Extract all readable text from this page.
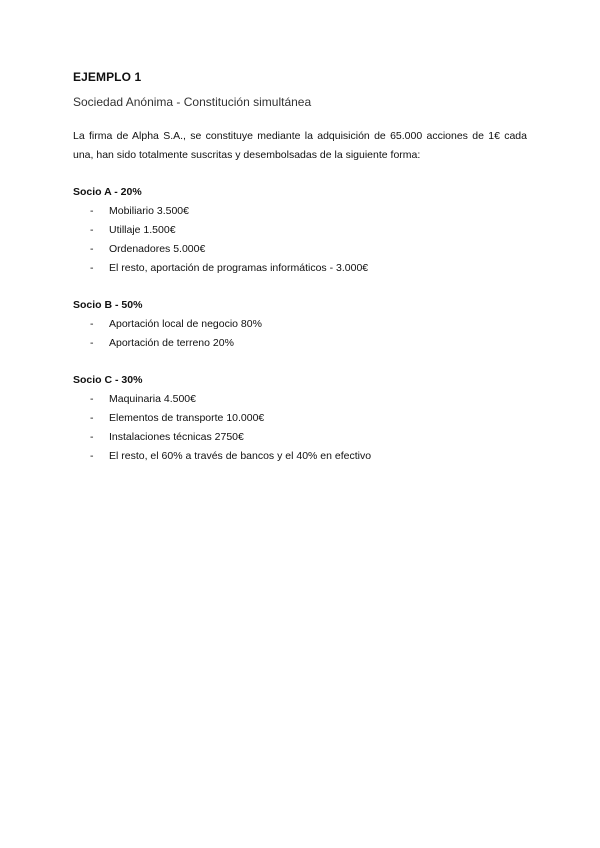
EJEMPLO 1

Sociedad Anónima - Constitución simultánea

La firma de Alpha S.A., se constituye mediante la adquisición de 65.000 acciones de 1€ cada una, han sido totalmente suscritas y desembolsadas de la siguiente forma:

Socio A - 20%
- Mobiliario 3.500€
- Utillaje 1.500€
- Ordenadores 5.000€
- El resto, aportación de programas informáticos - 3.000€
Socio B - 50%
- Aportación local de negocio 80%
- Aportación de terreno 20%
Socio C - 30%
- Maquinaria 4.500€
- Elementos de transporte 10.000€
- Instalaciones técnicas 2750€
- El resto, el 60% a través de bancos y el 40% en efectivo
